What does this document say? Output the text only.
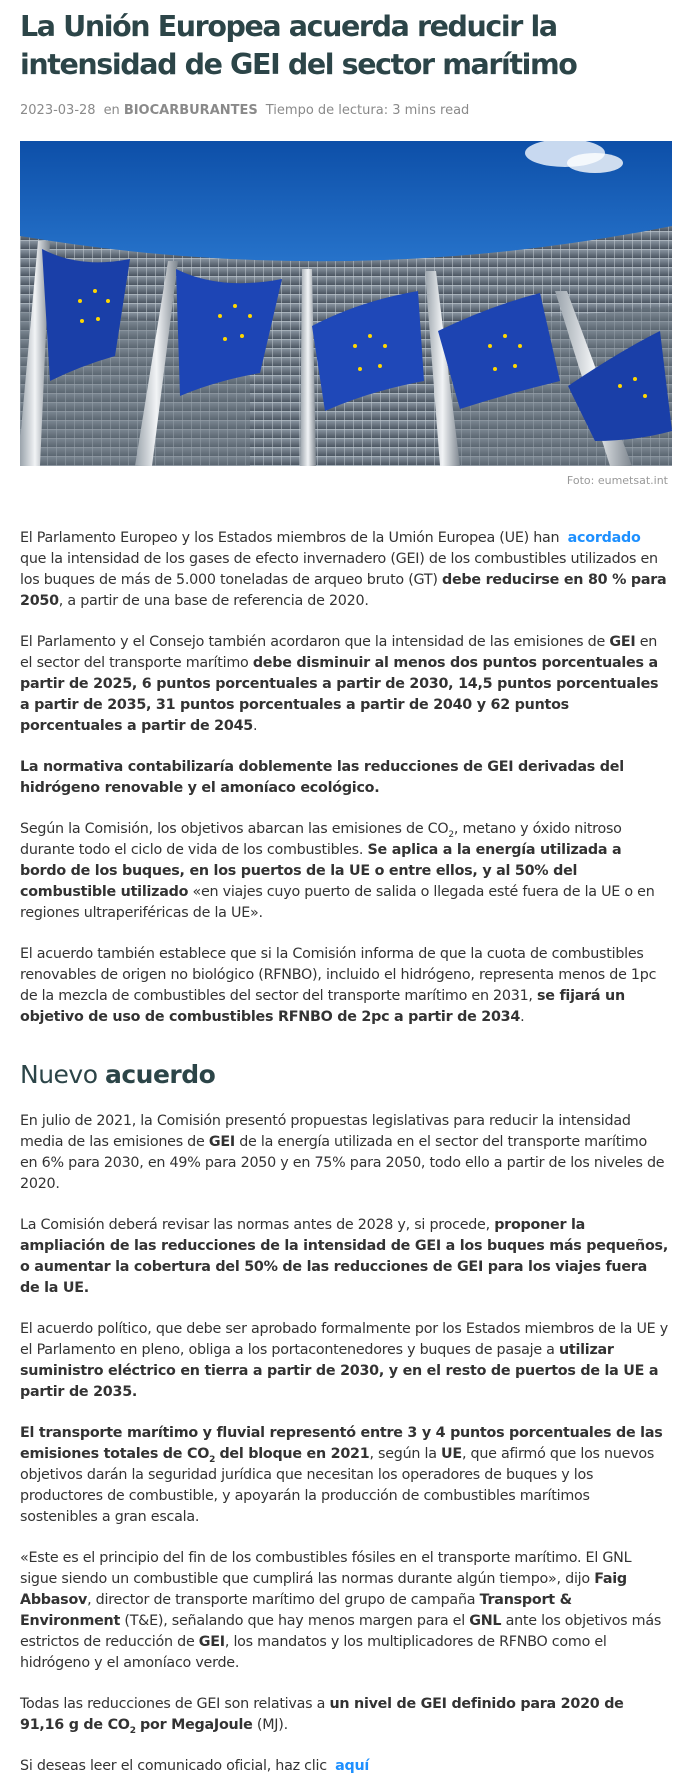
La Unión Europea acuerda reducir la intensidad de GEI del sector marítimo
2023-03-28 en BIOCARBURANTES Tiempo de lectura: 3 mins read
Foto: eumetsat.int

El Parlamento Europeo y los Estados miembros de la Umión Europea (UE) han acordado que la intensidad de los gases de efecto invernadero (GEI) de los combustibles utilizados en los buques de más de 5.000 toneladas de arqueo bruto (GT) debe reducirse en 80 % para 2050, a partir de una base de referencia de 2020.

El Parlamento y el Consejo también acordaron que la intensidad de las emisiones de GEI en el sector del transporte marítimo debe disminuir al menos dos puntos porcentuales a partir de 2025, 6 puntos porcentuales a partir de 2030, 14,5 puntos porcentuales a partir de 2035, 31 puntos porcentuales a partir de 2040 y 62 puntos porcentuales a partir de 2045.

La normativa contabilizaría doblemente las reducciones de GEI derivadas del hidrógeno renovable y el amoníaco ecológico.

Según la Comisión, los objetivos abarcan las emisiones de $CO_2$, metano y óxido nitroso durante todo el ciclo de vida de los combustibles. Se aplica a la energía utilizada a bordo de los buques, en los puertos de la UE o entre ellos, y al 50% del combustible utilizado «en viajes cuyo puerto de salida o llegada esté fuera de la UE o en regiones ultraperiféricas de la UE».

El acuerdo también establece que si la Comisión informa de que la cuota de combustibles renovables de origen no biológico (RFNBO), incluido el hidrógeno, representa menos de 1pc de la mezcla de combustibles del sector del transporte marítimo en 2031, se fijará un objetivo de uso de combustibles RFNBO de 2pc a partir de 2034.

Nuevo acuerdo

En julio de 2021, la Comisión presentó propuestas legislativas para reducir la intensidad media de las emisiones de GEI de la energía utilizada en el sector del transporte marítimo en 6% para 2030, en 49% para 2050 y en 75% para 2050, todo ello a partir de los niveles de 2020.

La Comisión deberá revisar las normas antes de 2028 y, si procede, proponer la ampliación de las reducciones de la intensidad de GEI a los buques más pequeños, o aumentar la cobertura del 50% de las reducciones de GEI para los viajes fuera de la UE.

El acuerdo político, que debe ser aprobado formalmente por los Estados miembros de la UE y el Parlamento en pleno, obliga a los portacontenedores y buques de pasaje a utilizar suministro eléctrico en tierra a partir de 2030, y en el resto de puertos de la UE a partir de 2035.

El transporte marítimo y fluvial representó entre 3 y 4 puntos porcentuales de las emisiones totales de $CO_2$ del bloque en 2021, según la UE, que afirmó que los nuevos objetivos darán la seguridad jurídica que necesitan los operadores de buques y los productores de combustible, y apoyarán la producción de combustibles marítimos sostenibles a gran escala.

«Este es el principio del fin de los combustibles fósiles en el transporte marítimo. El GNL sigue siendo un combustible que cumplirá las normas durante algún tiempo», dijo Faig Abbasov, director de transporte marítimo del grupo de campaña Transport & Environment (T&E), señalando que hay menos margen para el GNL ante los objetivos más estrictos de reducción de GEI, los mandatos y los multiplicadores de RFNBO como el hidrógeno y el amoníaco verde.

Todas las reducciones de GEI son relativas a un nivel de GEI definido para 2020 de 91,16 g de $CO_2$ por MegaJoule (MJ).

Si deseas leer el comunicado oficial, haz clic aquí
